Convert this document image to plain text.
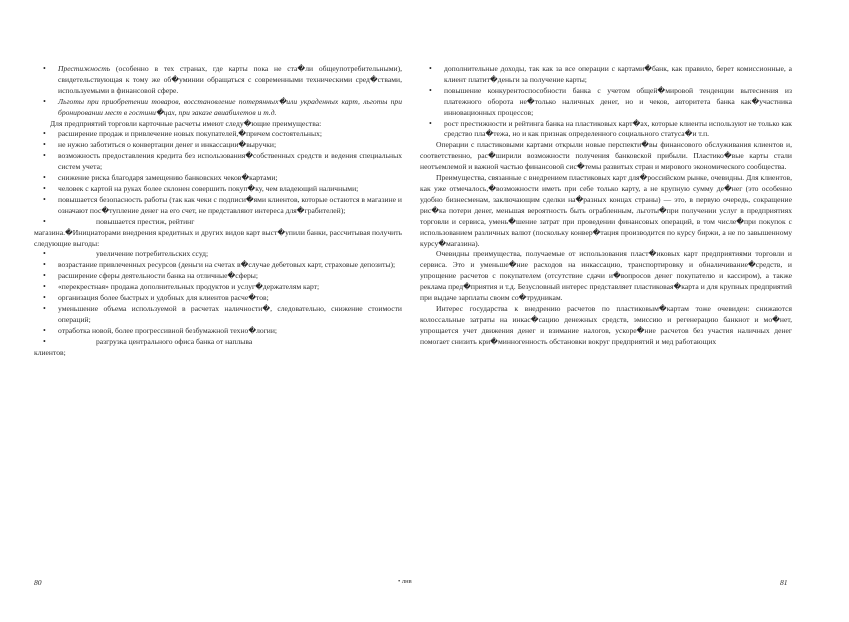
• Престижность (особенно в тех странах, где карты пока не ста�ли общеупотребительными), свидетельствующая к тому же об�уминии обращаться с современными техническими сред�ствами, используемыми в финансовой сфере.
• Льготы при приобретении товаров, восстановление потерянных�или украденных карт, льготы при бронировании мест в гостини�цах, при заказе авиабилетов и т.д.
Для предприятий торговли карточные расчеты имеют следу�ющие преимущества:
• расширение продаж и привлечение новых покупателей,�причем состоятельных;
• не нужно заботиться о конвертации денег и инкассации�выручки;
• возможность предоставления кредита без использования�собственных средств и ведения специальных систем учета;
• снижение риска благодаря замещению банковских чеков�картами;
• человек с картой на руках более склонен совершить покуп�ку, чем владеющий наличными;
• повышается безопасность работы (так как чеки с подписи�ями клиентов, которые остаются в магазине и означают пос�тупление денег на его счет, не представляют интереса для�грабителей);
• повышается престиж, рейтинг
магазина.�Инициаторами внедрения кредитных и других видов карт выст�упили банки, рассчитывая получить следующие выгоды:
• увеличение потребительских ссуд;
• возрастание привлеченных ресурсов (деньги на счетах в�случае дебетовых карт, страховые депозиты);
• расширение сферы деятельности банка на отличные�сферы;
• «перекрестная» продажа дополнительных продуктов и услуг�держателям карт;
• организация более быстрых и удобных для клиентов расче�тов;
• уменьшение объема используемой в расчетах наличности�, следовательно, снижение стоимости операций;
• отработка новой, более прогрессивной безбумажной техно�логии;
• разгрузка центрального офиса банка от наплыва
клиентов;
• дополнительные доходы, так как за все операции с картами�банк, как правило, берет комиссионные, а клиент платит�деньги за получение карты;
• повышение конкурентоспособности банка с учетом общей�мировой тенденции вытеснения из платежного оборота не�только наличных денег, но и чеков, авторитета банка как�участника инновационных процессов;
• рост престижности и рейтинга банка на пластиковых карт�ах, которые клиенты используют не только как средство пла�тежа, но и как признак определенного социального статуса�и т.п.
Операции с пластиковыми картами открыли новые перспекти�вы финансового обслуживания клиентов и, соответственно, рас�ширили возможности получения банковской прибыли. Пластико�вые карты стали неотъемлемой и важной частью финансовой сис�темы развитых стран и мирового экономического сообщества.
Преимущества, связанные с внедрением пластиковых карт для�российском рынке, очевидны. Для клиентов, как уже отмечалось,�возможности иметь при себе только карту, а не крупную сумму де�нег (это особенно удобно бизнесменам, заключающим сделки на�разных концах страны) — это, в первую очередь, сокращение рис�ка потери денег, меньшая вероятность быть ограбленным, льготы�при получении услуг в предприятиях торговли и сервиса, умень�шение затрат при проведении финансовых операций, в том числе�при покупок с использованием различных валют (поскольку конвер�тация производится по курсу биржи, а не по завышенному курсу�магазина).
Очевидны преимущества, получаемые от использования пласт�иковых карт предприятиями торговли и сервиса. Это и уменьше�ние расходов на инкассацию, транспортировку и обналичивание�средств, и упрощение расчетов с покупателем (отсутствие сдачи и�вопросов денег покупателю и кассиром), а также реклама пред�приятия и т.д. Безусловный интерес представляет пластиковая�карта и для крупных предприятий при выдаче зарплаты своим со�трудникам.
Интерес государства к внедрению расчетов по пластиковым�картам тоже очевиден: снижаются колоссальные затраты на инкас�сацию денежных средств, эмиссию и регенерацию банкнот и мо�нет, упрощается учет движения денег и взимание налогов, ускоре�ние расчетов без участия наличных денег помогает снизить кри�минногенность обстановки вокруг предприятий и мед работающих
80	• лнв	81
